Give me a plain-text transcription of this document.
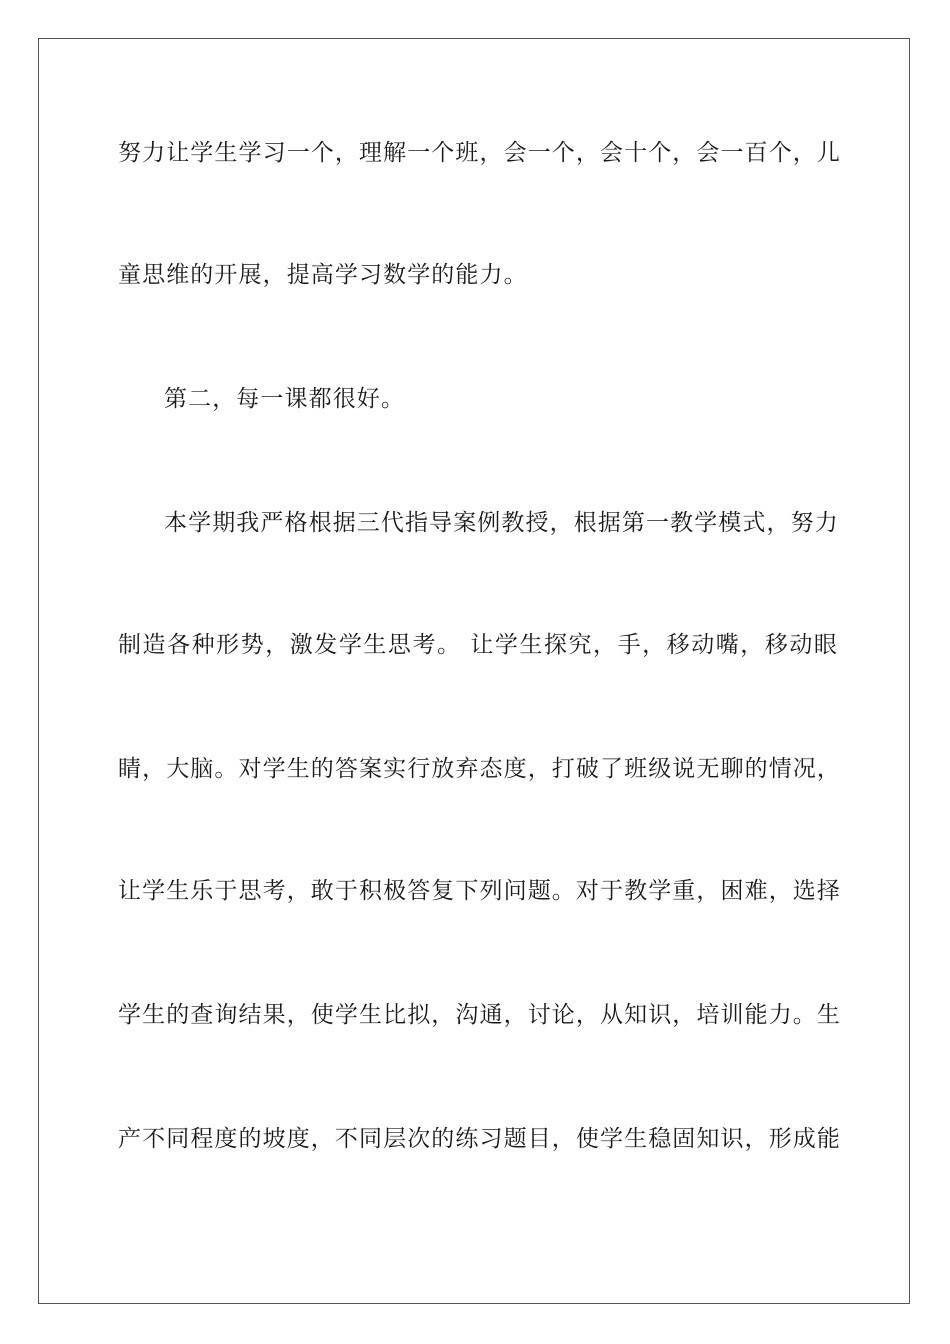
努力让学生学习一个，理解一个班，会一个，会十个，会一百个，儿
童思维的开展，提高学习数学的能力。
第二，每一课都很好。
本学期我严格根据三代指导案例教授，根据第一教学模式，努力
制造各种形势，激发学生思考。 让学生探究，手，移动嘴，移动眼
睛，大脑。对学生的答案实行放弃态度，打破了班级说无聊的情况，
让学生乐于思考，敢于积极答复下列问题。对于教学重，困难，选择
学生的查询结果，使学生比拟，沟通，讨论，从知识，培训能力。生
产不同程度的坡度，不同层次的练习题目，使学生稳固知识，形成能
